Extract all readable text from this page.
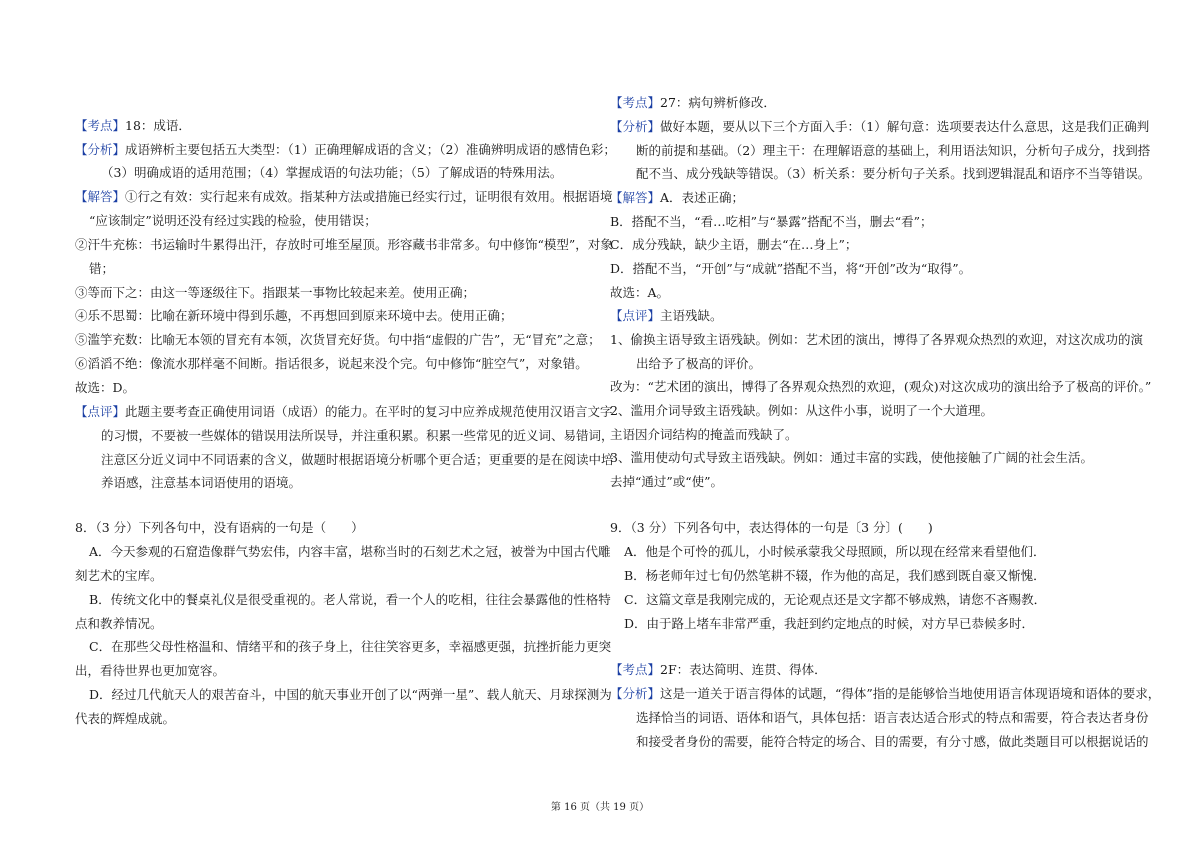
【考点】18：成语．
【分析】成语辨析主要包括五大类型：（1）正确理解成语的含义；（2）准确辨明成语的感情色彩；
（3）明确成语的适用范围；（4）掌握成语的句法功能；（5）了解成语的特殊用法。
【解答】①行之有效：实行起来有成效。指某种方法或措施已经实行过，证明很有效用。根据语境
“应该制定”说明还没有经过实践的检验，使用错误；
②汗牛充栋：书运输时牛累得出汗，存放时可堆至屋顶。形容藏书非常多。句中修饰“模型”，对象
错；
③等而下之：由这一等逐级往下。指跟某一事物比较起来差。使用正确；
④乐不思蜀：比喻在新环境中得到乐趣，不再想回到原来环境中去。使用正确；
⑤滥竽充数：比喻无本领的冒充有本领，次货冒充好货。句中指“虚假的广告”，无“冒充”之意；
⑥滔滔不绝：像流水那样毫不间断。指话很多，说起来没个完。句中修饰“脏空气”，对象错。
故选：D。
【点评】此题主要考查正确使用词语（成语）的能力。在平时的复习中应养成规范使用汉语言文字
的习惯，不要被一些媒体的错误用法所误导，并注重积累。积累一些常见的近义词、易错词，
注意区分近义词中不同语素的含义，做题时根据语境分析哪个更合适；更重要的是在阅读中培
养语感，注意基本词语使用的语境。
8．（3 分）下列各句中，没有语病的一句是（　　）
A．今天参观的石窟造像群气势宏伟，内容丰富，堪称当时的石刻艺术之冠，被誉为中国古代雕
刻艺术的宝库。
B．传统文化中的餐桌礼仪是很受重视的。老人常说，看一个人的吃相，往往会暴露他的性格特
点和教养情况。
C．在那些父母性格温和、情绪平和的孩子身上，往往笑容更多，幸福感更强，抗挫折能力更突
出，看待世界也更加宽容。
D．经过几代航天人的艰苦奋斗，中国的航天事业开创了以“两弹一星”、载人航天、月球探测为
代表的辉煌成就。
【考点】27：病句辨析修改．
【分析】做好本题，要从以下三个方面入手：（1）解句意：选项要表达什么意思，这是我们正确判
断的前提和基础。（2）理主干：在理解语意的基础上，利用语法知识，分析句子成分，找到搭
配不当、成分残缺等错误。（3）析关系：要分析句子关系。找到逻辑混乱和语序不当等错误。
【解答】A．表述正确；
B．搭配不当，“看…吃相”与“暴露”搭配不当，删去“看”；
C．成分残缺，缺少主语，删去“在…身上”；
D．搭配不当，“开创”与“成就”搭配不当，将“开创”改为“取得”。
故选：A。
【点评】主语残缺。
1、偷换主语导致主语残缺。例如：艺术团的演出，博得了各界观众热烈的欢迎，对这次成功的演
出给予了极高的评价。
改为：“艺术团的演出，博得了各界观众热烈的欢迎，(观众)对这次成功的演出给予了极高的评价。”
2、滥用介词导致主语残缺。例如：从这件小事，说明了一个大道理。
主语因介词结构的掩盖而残缺了。
3、滥用使动句式导致主语残缺。例如：通过丰富的实践，使他接触了广阔的社会生活。
去掉“通过”或“使”。
9．（3 分）下列各句中，表达得体的一句是〔3 分〕(　　)
A．他是个可怜的孤儿，小时候承蒙我父母照顾，所以现在经常来看望他们．
B．杨老师年过七旬仍然笔耕不辍，作为他的高足，我们感到既自豪又惭愧．
C．这篇文章是我刚完成的，无论观点还是文字都不够成熟，请您不吝赐教．
D．由于路上堵车非常严重，我赶到约定地点的时候，对方早已恭候多时．
【考点】2F：表达简明、连贯、得体．
【分析】这是一道关于语言得体的试题，“得体”指的是能够恰当地使用语言体现语境和语体的要求，
选择恰当的词语、语体和语气，具体包括：语言表达适合形式的特点和需要，符合表达者身份
和接受者身份的需要，能符合特定的场合、目的需要，有分寸感，做此类题目可以根据说话的
第 16 页（共 19 页）
